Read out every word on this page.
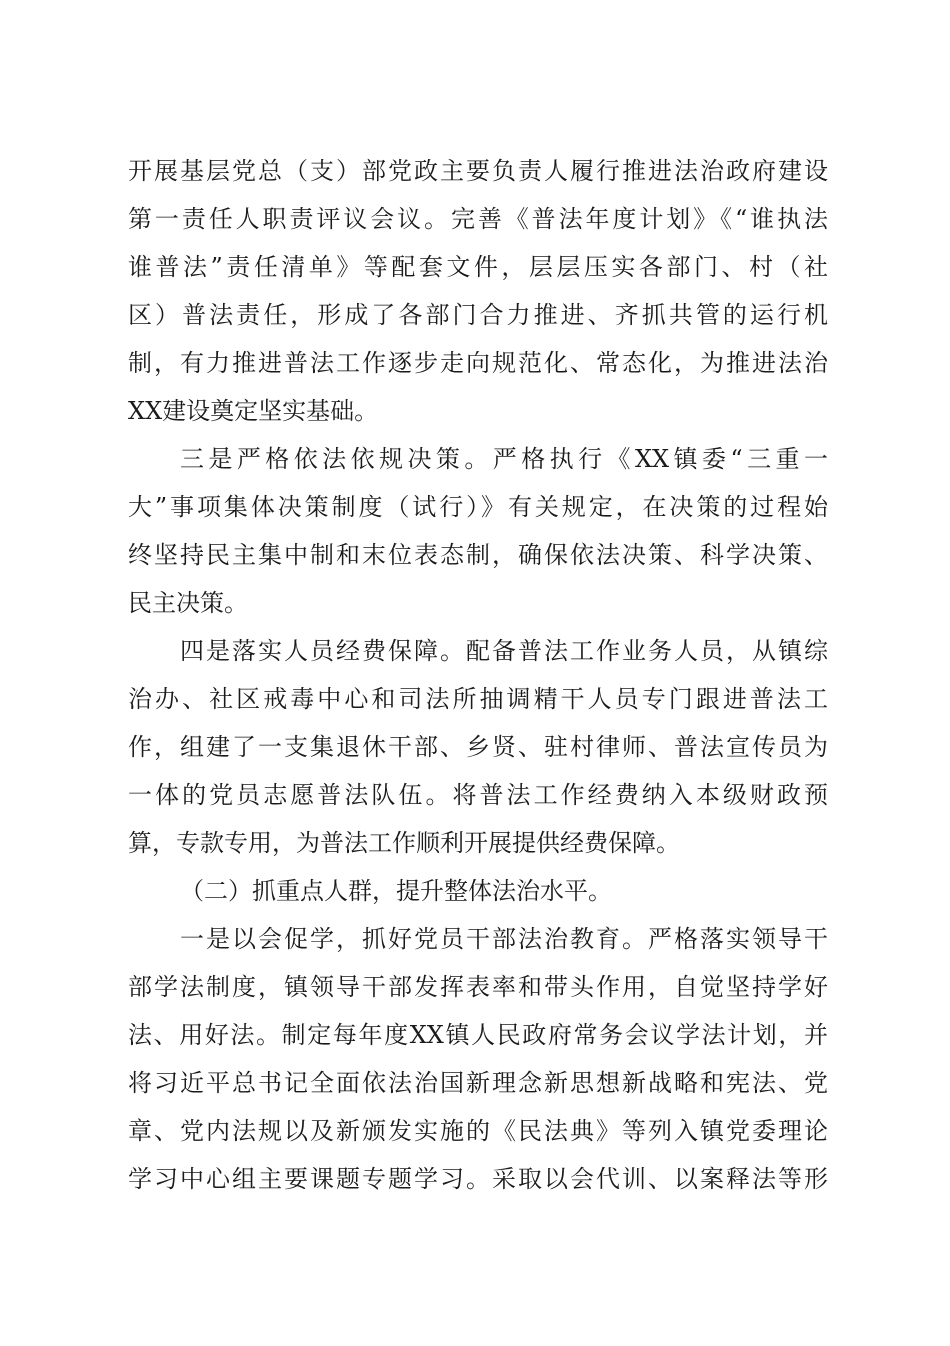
开展基层党总（支）部党政主要负责人履行推进法治政府建设
第一责任人职责评议会议。完善《普法年度计划》《“谁执法
谁普法”责任清单》等配套文件，层层压实各部门、村（社
区）普法责任，形成了各部门合力推进、齐抓共管的运行机
制，有力推进普法工作逐步走向规范化、常态化，为推进法治
XX建设奠定坚实基础。
三是严格依法依规决策。严格执行《XX镇委“三重一
大”事项集体决策制度（试行）》有关规定，在决策的过程始
终坚持民主集中制和末位表态制，确保依法决策、科学决策、
民主决策。
四是落实人员经费保障。配备普法工作业务人员，从镇综
治办、社区戒毒中心和司法所抽调精干人员专门跟进普法工
作，组建了一支集退休干部、乡贤、驻村律师、普法宣传员为
一体的党员志愿普法队伍。将普法工作经费纳入本级财政预
算，专款专用，为普法工作顺利开展提供经费保障。
（二）抓重点人群，提升整体法治水平。
一是以会促学，抓好党员干部法治教育。严格落实领导干
部学法制度，镇领导干部发挥表率和带头作用，自觉坚持学好
法、用好法。制定每年度XX镇人民政府常务会议学法计划，并
将习近平总书记全面依法治国新理念新思想新战略和宪法、党
章、党内法规以及新颁发实施的《民法典》等列入镇党委理论
学习中心组主要课题专题学习。采取以会代训、以案释法等形
